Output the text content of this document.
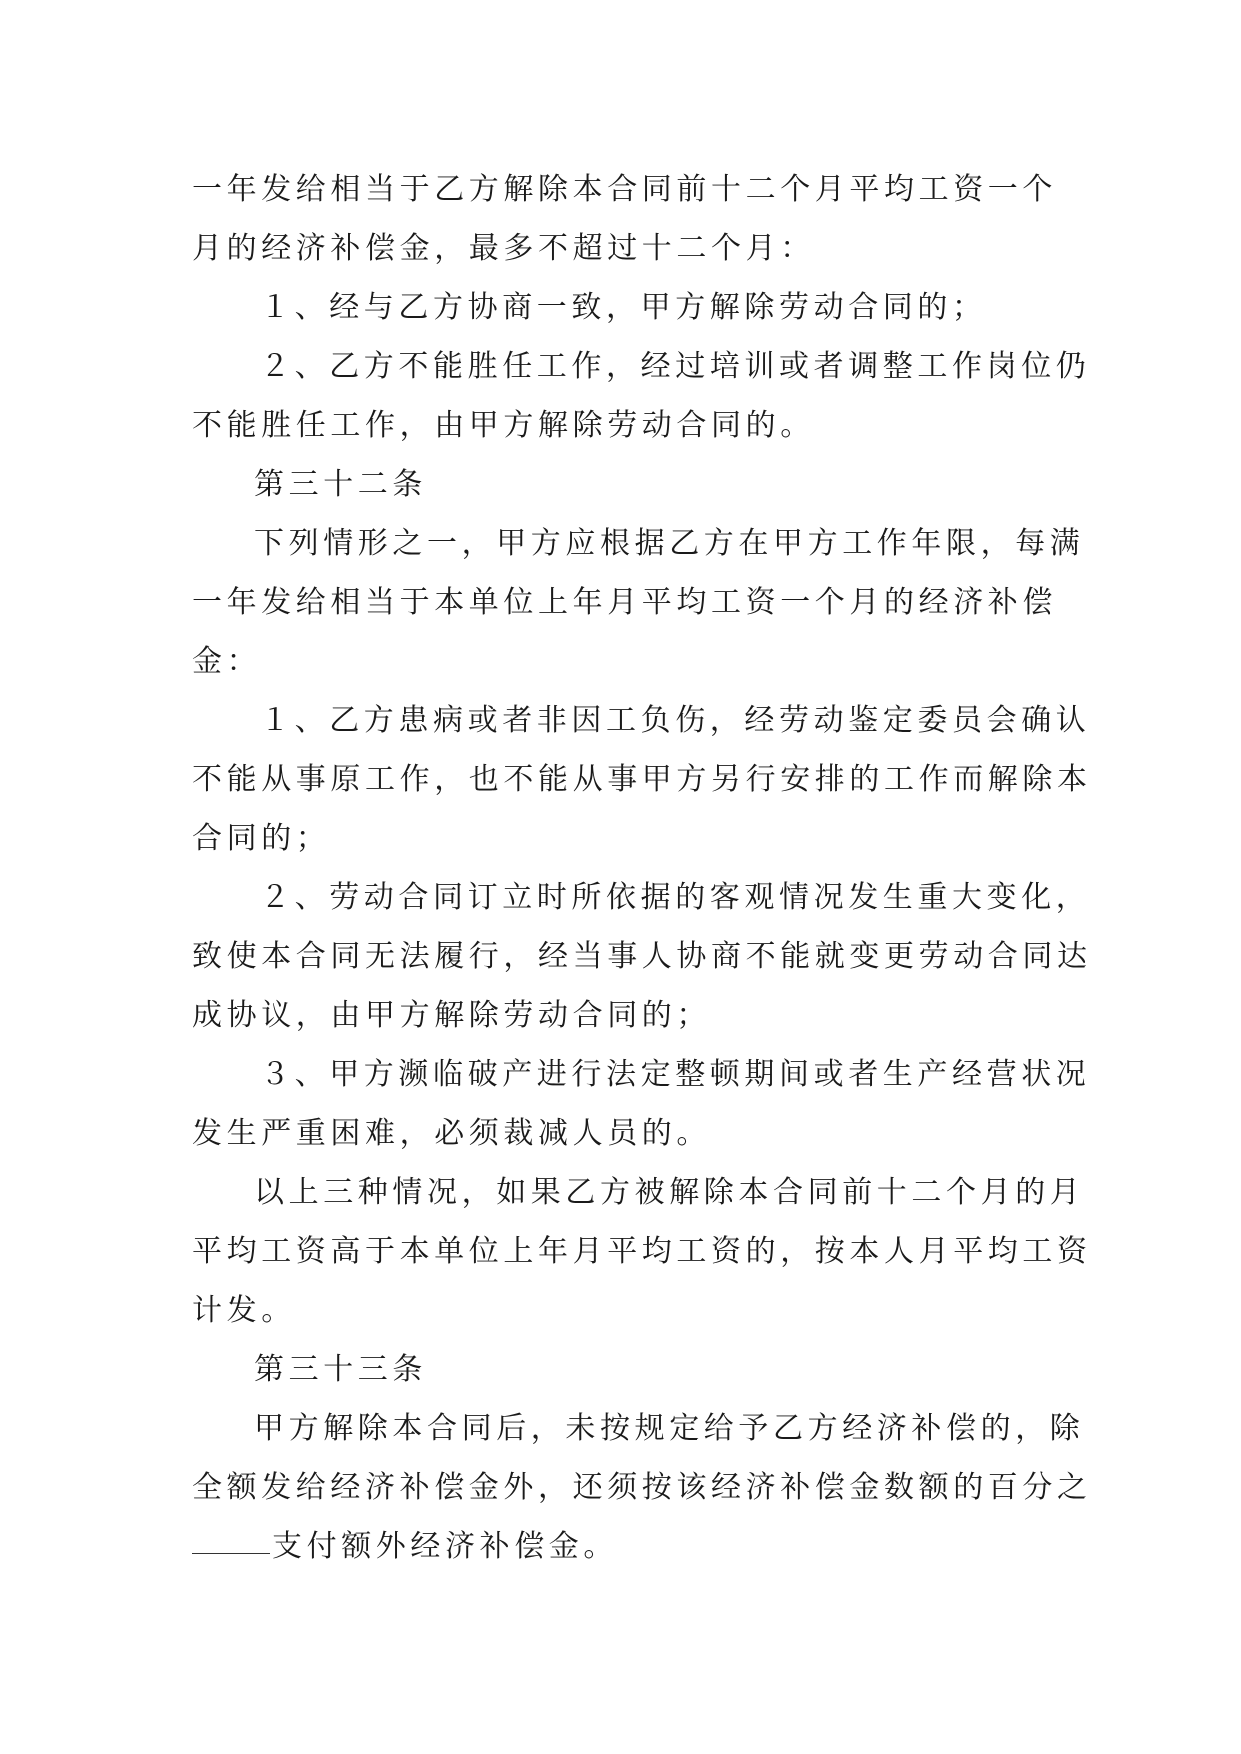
一年发给相当于乙方解除本合同前十二个月平均工资一个
月的经济补偿金，最多不超过十二个月：
１、经与乙方协商一致，甲方解除劳动合同的；
２、乙方不能胜任工作，经过培训或者调整工作岗位仍
不能胜任工作，由甲方解除劳动合同的。
第三十二条
下列情形之一，甲方应根据乙方在甲方工作年限，每满
一年发给相当于本单位上年月平均工资一个月的经济补偿
金：
１、乙方患病或者非因工负伤，经劳动鉴定委员会确认
不能从事原工作，也不能从事甲方另行安排的工作而解除本
合同的；
２、劳动合同订立时所依据的客观情况发生重大变化，
致使本合同无法履行，经当事人协商不能就变更劳动合同达
成协议，由甲方解除劳动合同的；
３、甲方濒临破产进行法定整顿期间或者生产经营状况
发生严重困难，必须裁减人员的。
以上三种情况，如果乙方被解除本合同前十二个月的月
平均工资高于本单位上年月平均工资的，按本人月平均工资
计发。
第三十三条
甲方解除本合同后，未按规定给予乙方经济补偿的，除
全额发给经济补偿金外，还须按该经济补偿金数额的百分之
支付额外经济补偿金。
